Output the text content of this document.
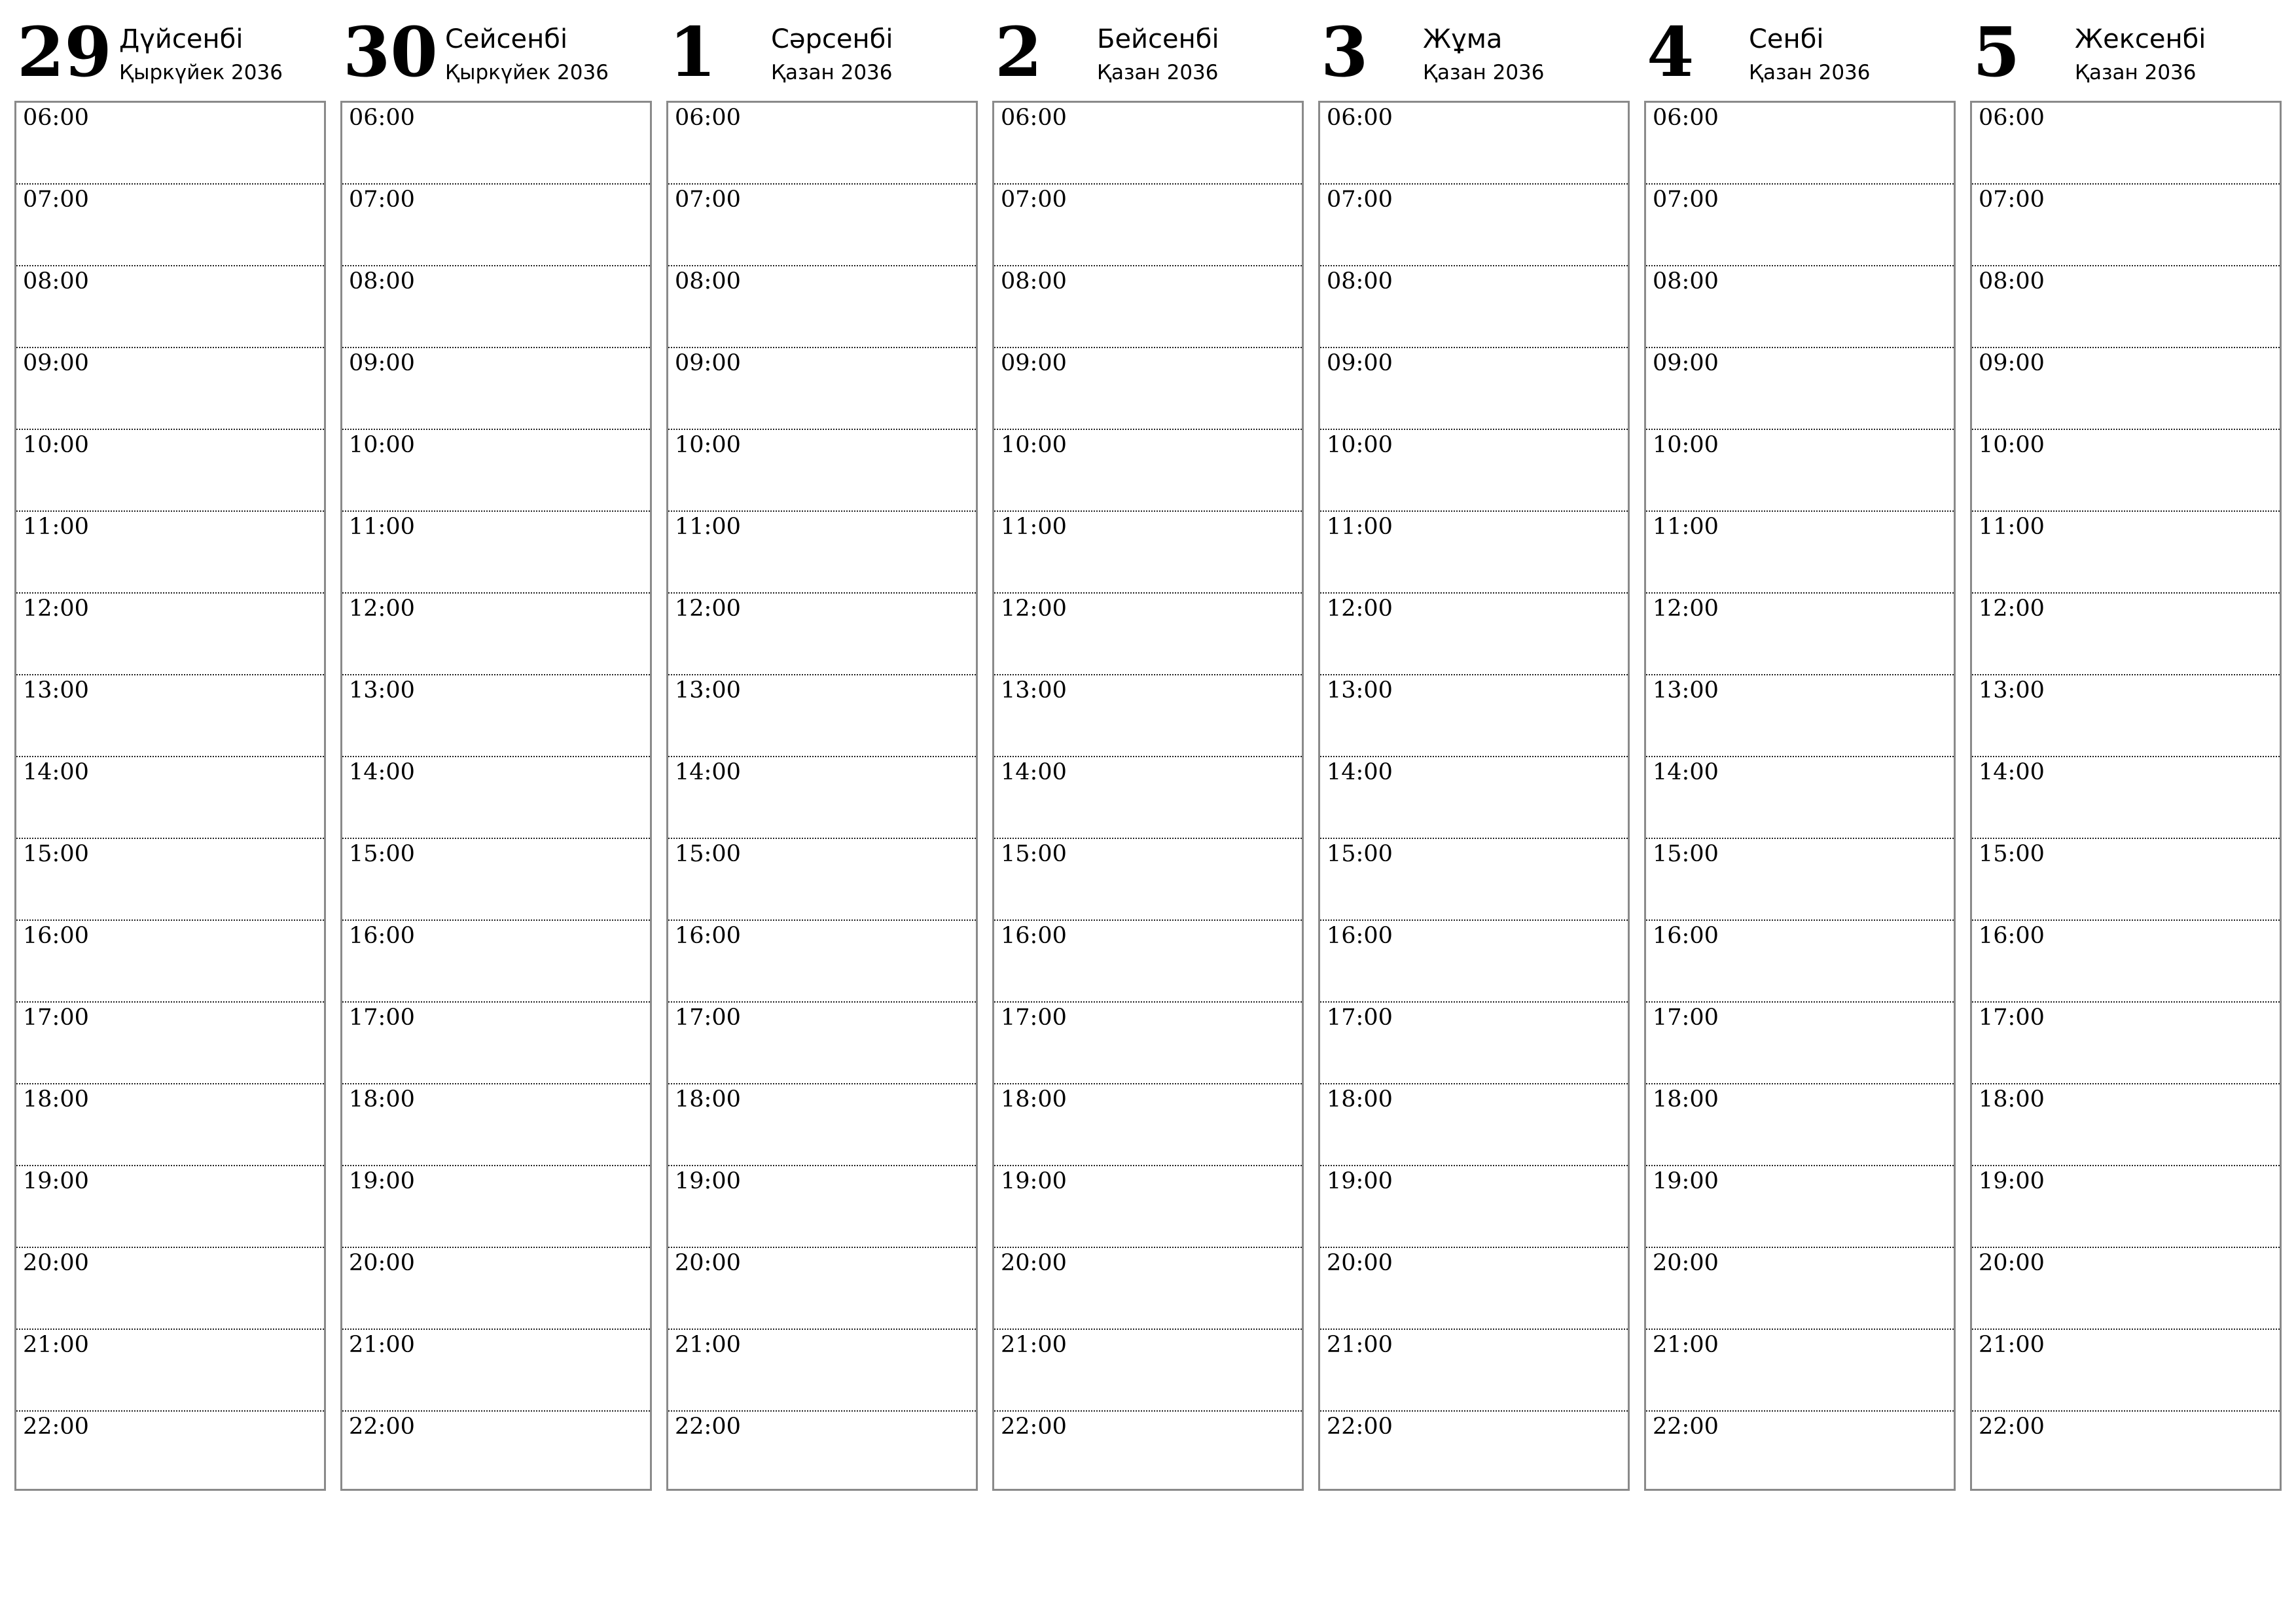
29 Дүйсенбі
Қыркүйек 2036
06:00
07:00
08:00
09:00
10:00
11:00
12:00
13:00
14:00
15:00
16:00
17:00
18:00
19:00
20:00
21:00
22:00
30 Сейсенбі
Қыркүйек 2036
06:00
07:00
08:00
09:00
10:00
11:00
12:00
13:00
14:00
15:00
16:00
17:00
18:00
19:00
20:00
21:00
22:00
1 Сәрсенбі
Қазан 2036
06:00
07:00
08:00
09:00
10:00
11:00
12:00
13:00
14:00
15:00
16:00
17:00
18:00
19:00
20:00
21:00
22:00
2 Бейсенбі
Қазан 2036
06:00
07:00
08:00
09:00
10:00
11:00
12:00
13:00
14:00
15:00
16:00
17:00
18:00
19:00
20:00
21:00
22:00
3 Жұма
Қазан 2036
06:00
07:00
08:00
09:00
10:00
11:00
12:00
13:00
14:00
15:00
16:00
17:00
18:00
19:00
20:00
21:00
22:00
4 Сенбі
Қазан 2036
06:00
07:00
08:00
09:00
10:00
11:00
12:00
13:00
14:00
15:00
16:00
17:00
18:00
19:00
20:00
21:00
22:00
5 Жексенбі
Қазан 2036
06:00
07:00
08:00
09:00
10:00
11:00
12:00
13:00
14:00
15:00
16:00
17:00
18:00
19:00
20:00
21:00
22:00
